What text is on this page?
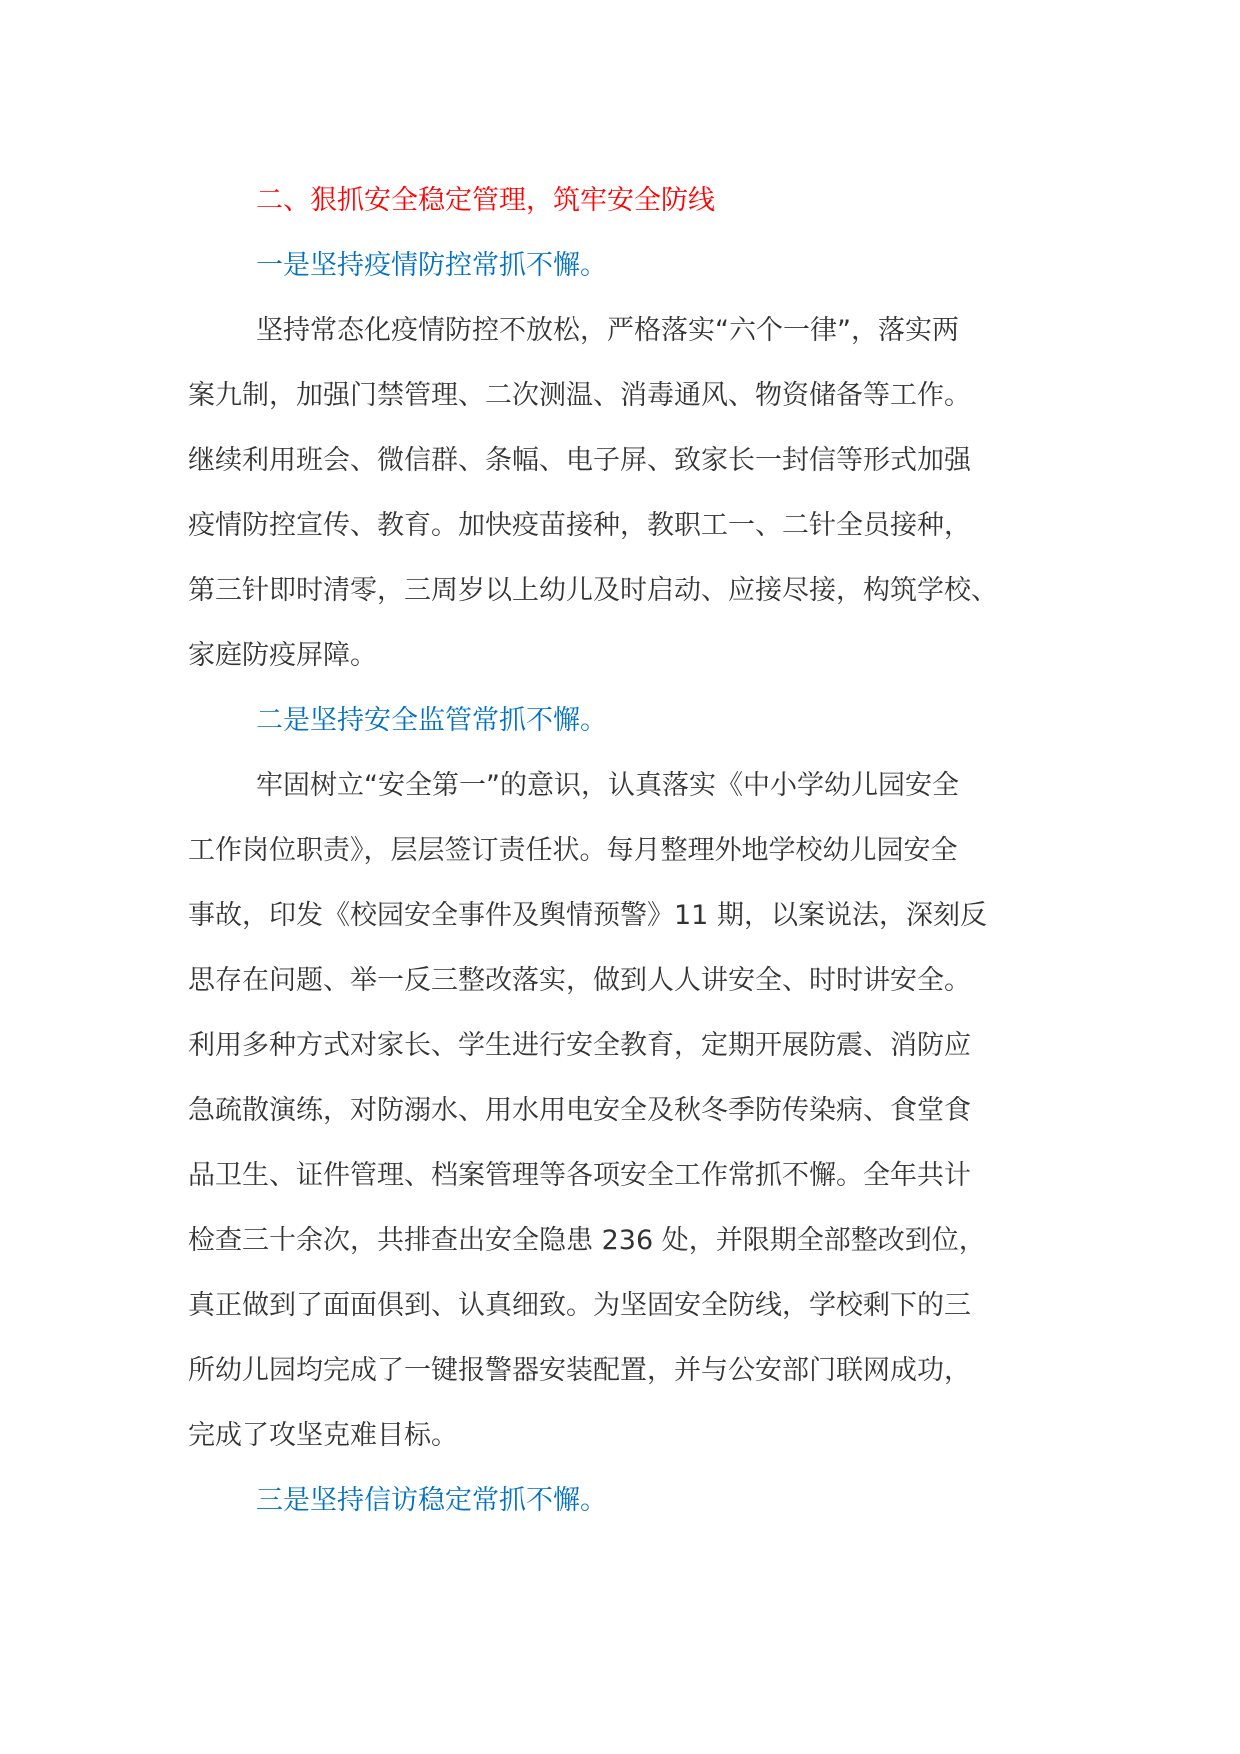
二、狠抓安全稳定管理，筑牢安全防线

一是坚持疫情防控常抓不懈。

坚持常态化疫情防控不放松，严格落实“六个一律”，落实两

案九制，加强门禁管理、二次测温、消毒通风、物资储备等工作。

继续利用班会、微信群、条幅、电子屏、致家长一封信等形式加强

疫情防控宣传、教育。加快疫苗接种，教职工一、二针全员接种，

第三针即时清零，三周岁以上幼儿及时启动、应接尽接，构筑学校、

家庭防疫屏障。

二是坚持安全监管常抓不懈。

牢固树立“安全第一”的意识，认真落实《中小学幼儿园安全

工作岗位职责》，层层签订责任状。每月整理外地学校幼儿园安全

事故，印发《校园安全事件及舆情预警》11 期，以案说法，深刻反

思存在问题、举一反三整改落实，做到人人讲安全、时时讲安全。

利用多种方式对家长、学生进行安全教育，定期开展防震、消防应

急疏散演练，对防溺水、用水用电安全及秋冬季防传染病、食堂食

品卫生、证件管理、档案管理等各项安全工作常抓不懈。全年共计

检查三十余次，共排查出安全隐患 236 处，并限期全部整改到位，

真正做到了面面俱到、认真细致。为坚固安全防线，学校剩下的三

所幼儿园均完成了一键报警器安装配置，并与公安部门联网成功，

完成了攻坚克难目标。

三是坚持信访稳定常抓不懈。
